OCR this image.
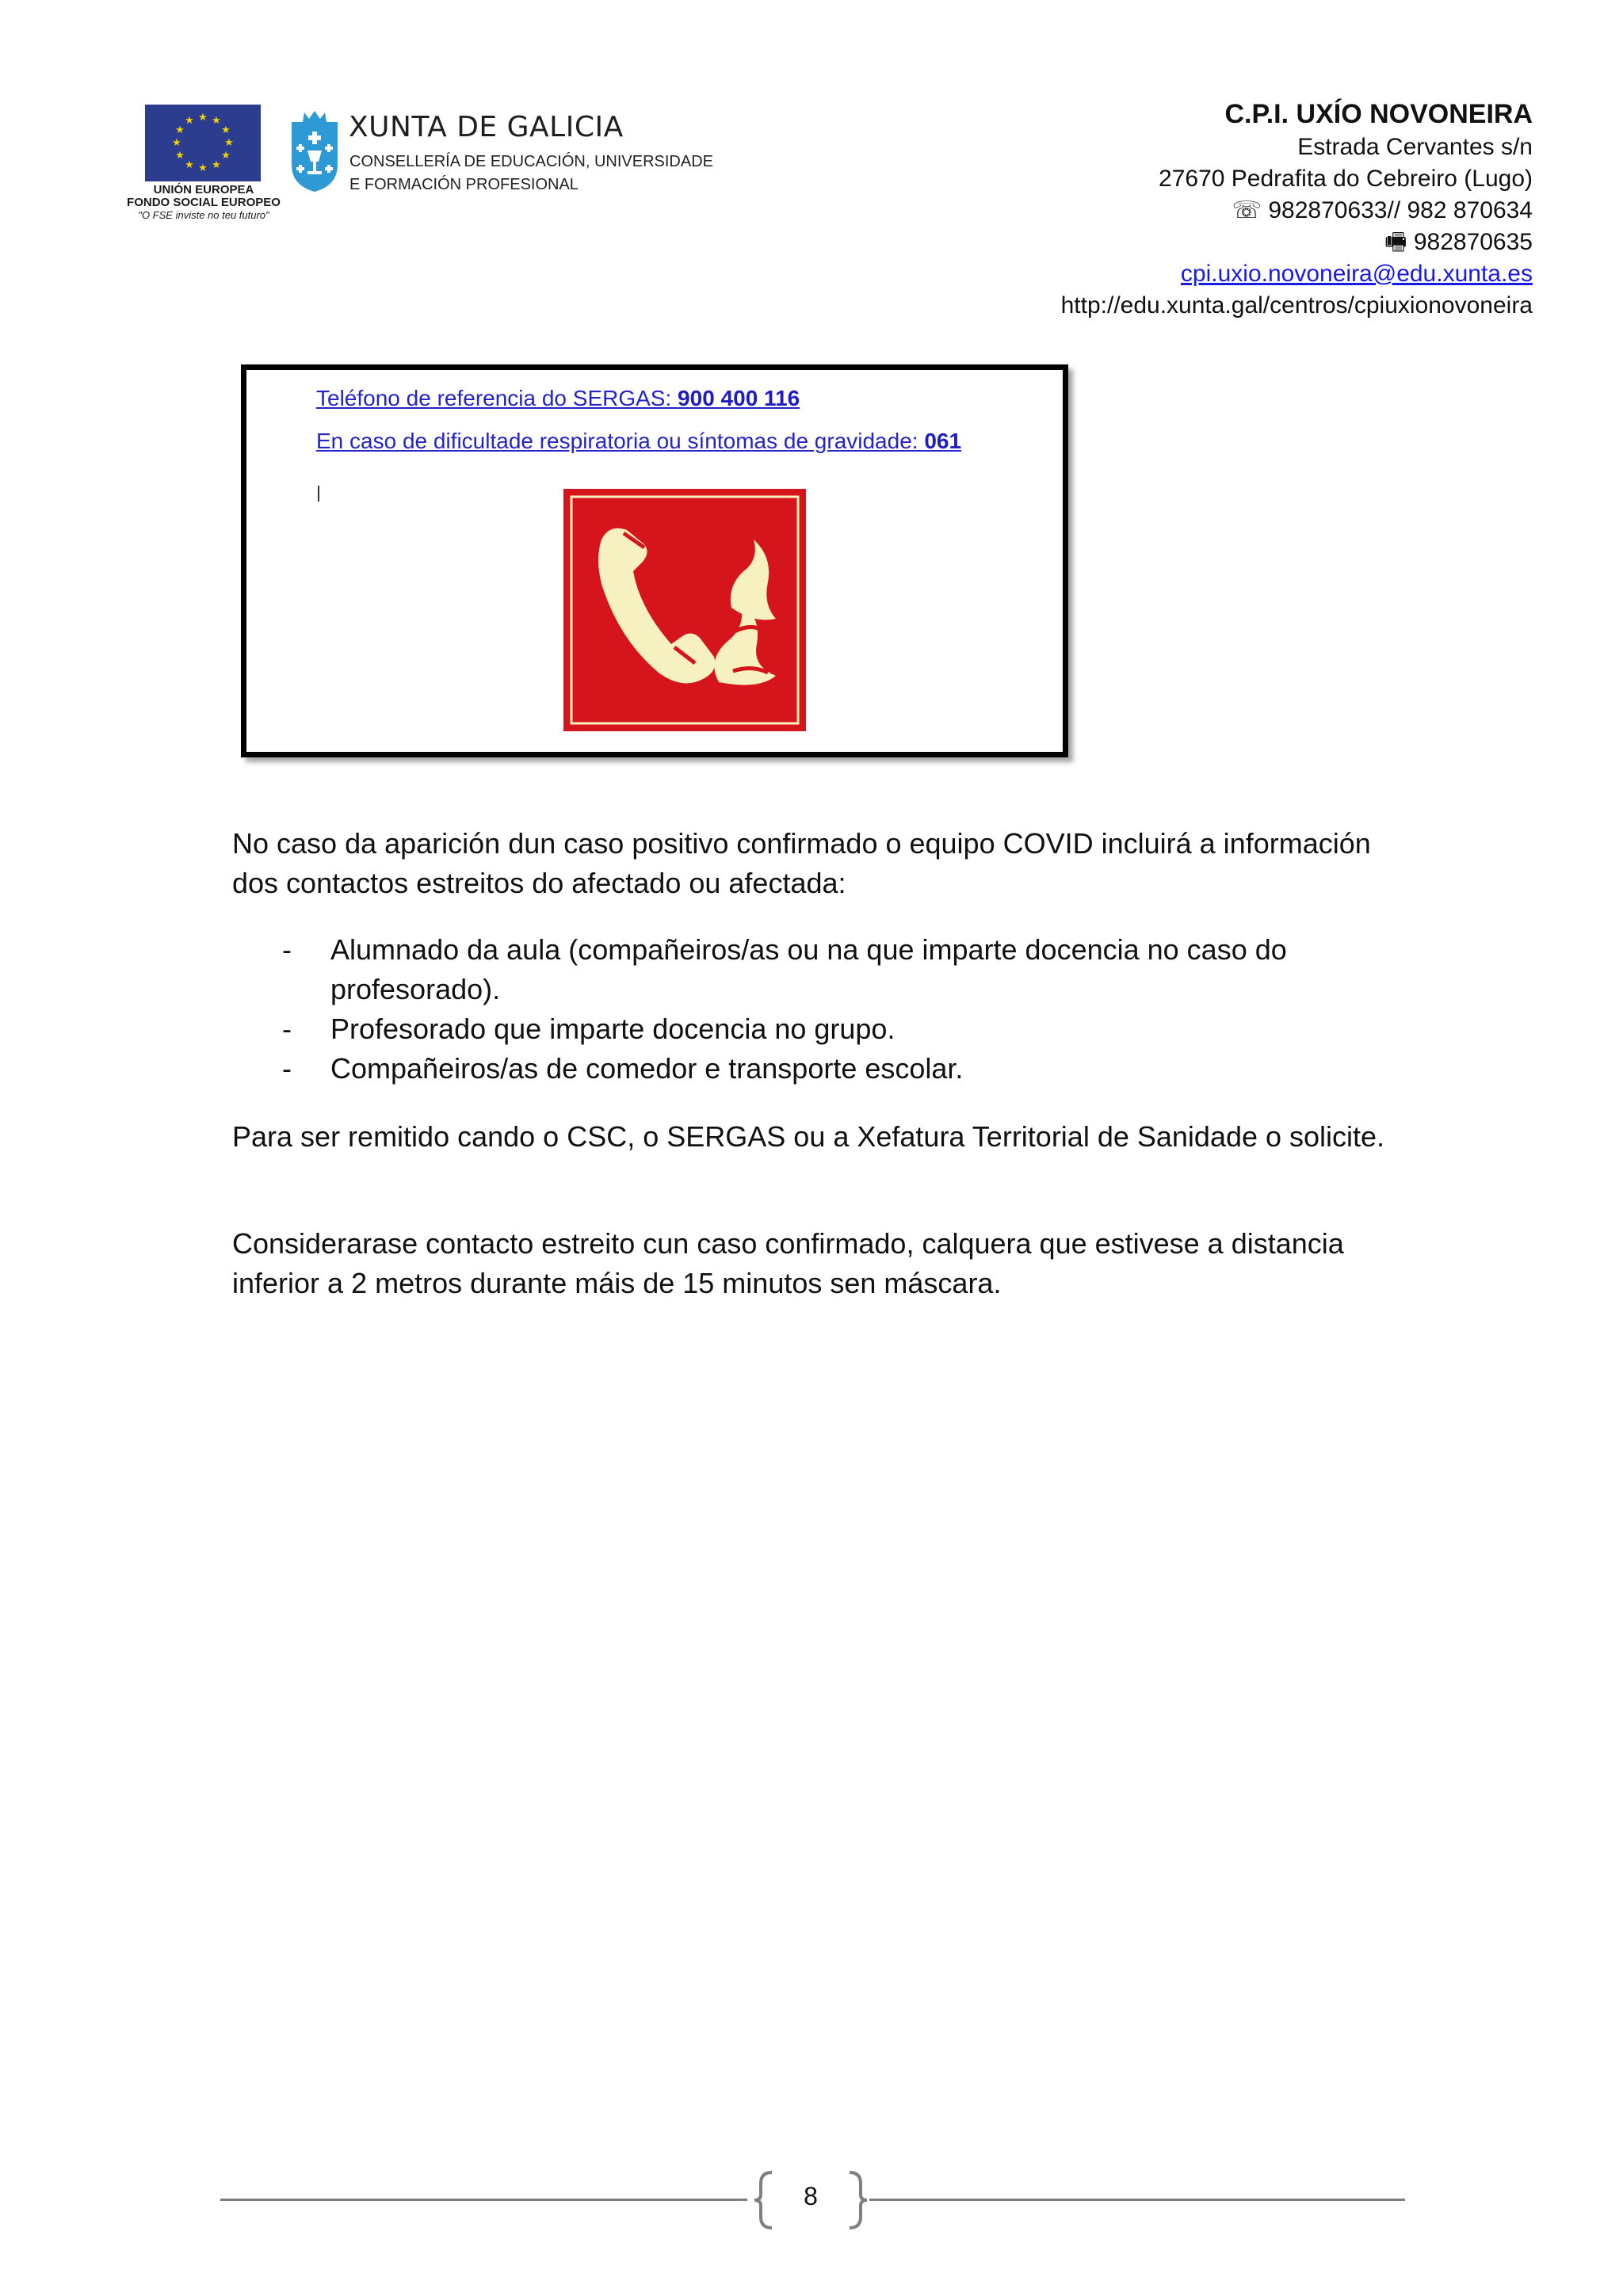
★ ★
★
★
★
★
★
★
★
★
★
★
UNIÓN EUROPEA
FONDO SOCIAL EUROPEO
"O FSE inviste no teu futuro"
XUNTA DE GALICIA
CONSELLERÍA DE EDUCACIÓN, UNIVERSIDADE
E FORMACIÓN PROFESIONAL
C.P.I. UXÍO NOVONEIRA
Estrada Cervantes s/n
27670 Pedrafita do Cebreiro (Lugo)
☏ 982870633// 982 870634
🖷 982870635
cpi.uxio.novoneira@edu.xunta.es
http://edu.xunta.gal/centros/cpiuxionovoneira
Teléfono de referencia do SERGAS: 900 400 116
En caso de dificultade respiratoria ou síntomas de gravidade: 061
No caso da aparición dun caso positivo confirmado o equipo COVID incluirá a información dos contactos estreitos do afectado ou afectada:
- Alumnado da aula (compañeiros/as ou na que imparte docencia no caso do profesorado).
- Profesorado que imparte docencia no grupo.
- Compañeiros/as de comedor e transporte escolar.
Para ser remitido cando o CSC, o SERGAS ou a Xefatura Territorial de Sanidade o solicite.
Considerarase contacto estreito cun caso confirmado, calquera que estivese a distancia inferior a 2 metros durante máis de 15 minutos sen máscara.
8
